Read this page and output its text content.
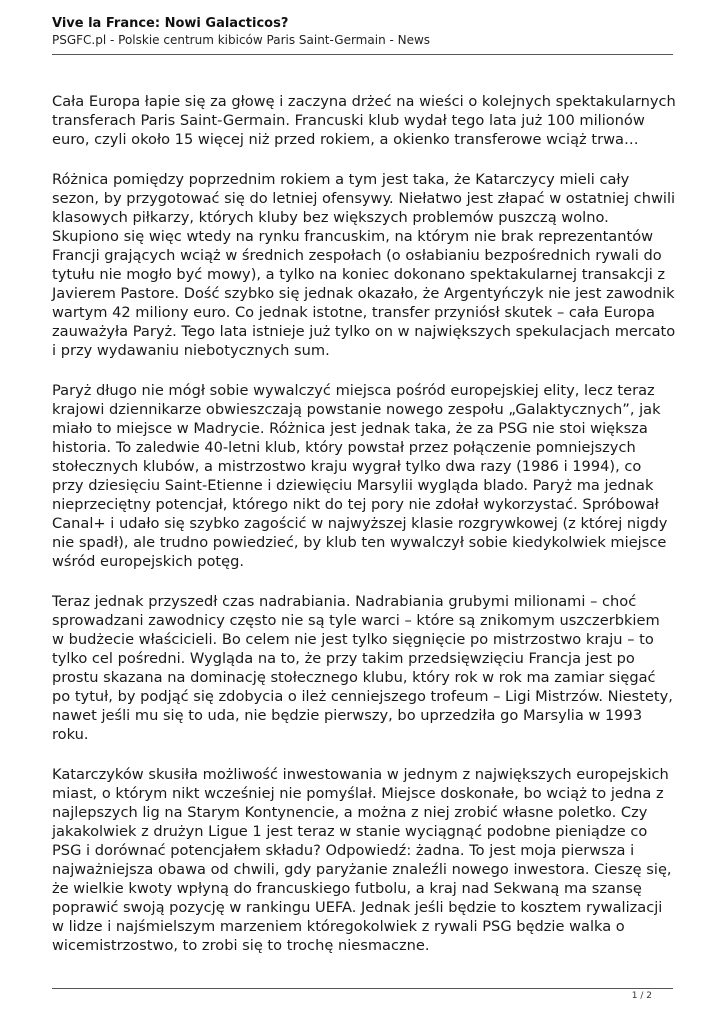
Vive la France: Nowi Galacticos?
PSGFC.pl - Polskie centrum kibiców Paris Saint-Germain - News

Cała Europa łapie się za głowę i zaczyna drżeć na wieści o kolejnych spektakularnych transferach Paris Saint-Germain. Francuski klub wydał tego lata już 100 milionów euro, czyli około 15 więcej niż przed rokiem, a okienko transferowe wciąż trwa…

Różnica pomiędzy poprzednim rokiem a tym jest taka, że Katarczycy mieli cały sezon, by przygotować się do letniej ofensywy. Niełatwo jest złapać w ostatniej chwili klasowych piłkarzy, których kluby bez większych problemów puszczą wolno. Skupiono się więc wtedy na rynku francuskim, na którym nie brak reprezentantów Francji grających wciąż w średnich zespołach (o osłabianiu bezpośrednich rywali do tytułu nie mogło być mowy), a tylko na koniec dokonano spektakularnej transakcji z Javierem Pastore. Dość szybko się jednak okazało, że Argentyńczyk nie jest zawodnik wartym 42 miliony euro. Co jednak istotne, transfer przyniósł skutek – cała Europa zauważyła Paryż. Tego lata istnieje już tylko on w największych spekulacjach mercato i przy wydawaniu niebotycznych sum.

Paryż długo nie mógł sobie wywalczyć miejsca pośród europejskiej elity, lecz teraz krajowi dziennikarze obwieszczają powstanie nowego zespołu „Galaktycznych”, jak miało to miejsce w Madrycie. Różnica jest jednak taka, że za PSG nie stoi większa historia. To zaledwie 40-letni klub, który powstał przez połączenie pomniejszych stołecznych klubów, a mistrzostwo kraju wygrał tylko dwa razy (1986 i 1994), co przy dziesięciu Saint-Etienne i dziewięciu Marsylii wygląda blado. Paryż ma jednak nieprzeciętny potencjał, którego nikt do tej pory nie zdołał wykorzystać. Spróbował Canal+ i udało się szybko zagościć w najwyższej klasie rozgrywkowej (z której nigdy nie spadł), ale trudno powiedzieć, by klub ten wywalczył sobie kiedykolwiek miejsce wśród europejskich potęg.

Teraz jednak przyszedł czas nadrabiania. Nadrabiania grubymi milionami – choć sprowadzani zawodnicy często nie są tyle warci – które są znikomym uszczerbkiem w budżecie właścicieli. Bo celem nie jest tylko sięgnięcie po mistrzostwo kraju – to tylko cel pośredni. Wygląda na to, że przy takim przedsięwzięciu Francja jest po prostu skazana na dominację stołecznego klubu, który rok w rok ma zamiar sięgać po tytuł, by podjąć się zdobycia o ileż cenniejszego trofeum – Ligi Mistrzów. Niestety, nawet jeśli mu się to uda, nie będzie pierwszy, bo uprzedziła go Marsylia w 1993 roku.

Katarczyków skusiła możliwość inwestowania w jednym z największych europejskich miast, o którym nikt wcześniej nie pomyślał. Miejsce doskonałe, bo wciąż to jedna z najlepszych lig na Starym Kontynencie, a można z niej zrobić własne poletko. Czy jakakolwiek z drużyn Ligue 1 jest teraz w stanie wyciągnąć podobne pieniądze co PSG i dorównać potencjałem składu? Odpowiedź: żadna. To jest moja pierwsza i najważniejsza obawa od chwili, gdy paryżanie znaleźli nowego inwestora. Cieszę się, że wielkie kwoty wpłyną do francuskiego futbolu, a kraj nad Sekwaną ma szansę poprawić swoją pozycję w rankingu UEFA. Jednak jeśli będzie to kosztem rywalizacji w lidze i najśmielszym marzeniem któregokolwiek z rywali PSG będzie walka o wicemistrzostwo, to zrobi się to trochę niesmaczne.

1 / 2
